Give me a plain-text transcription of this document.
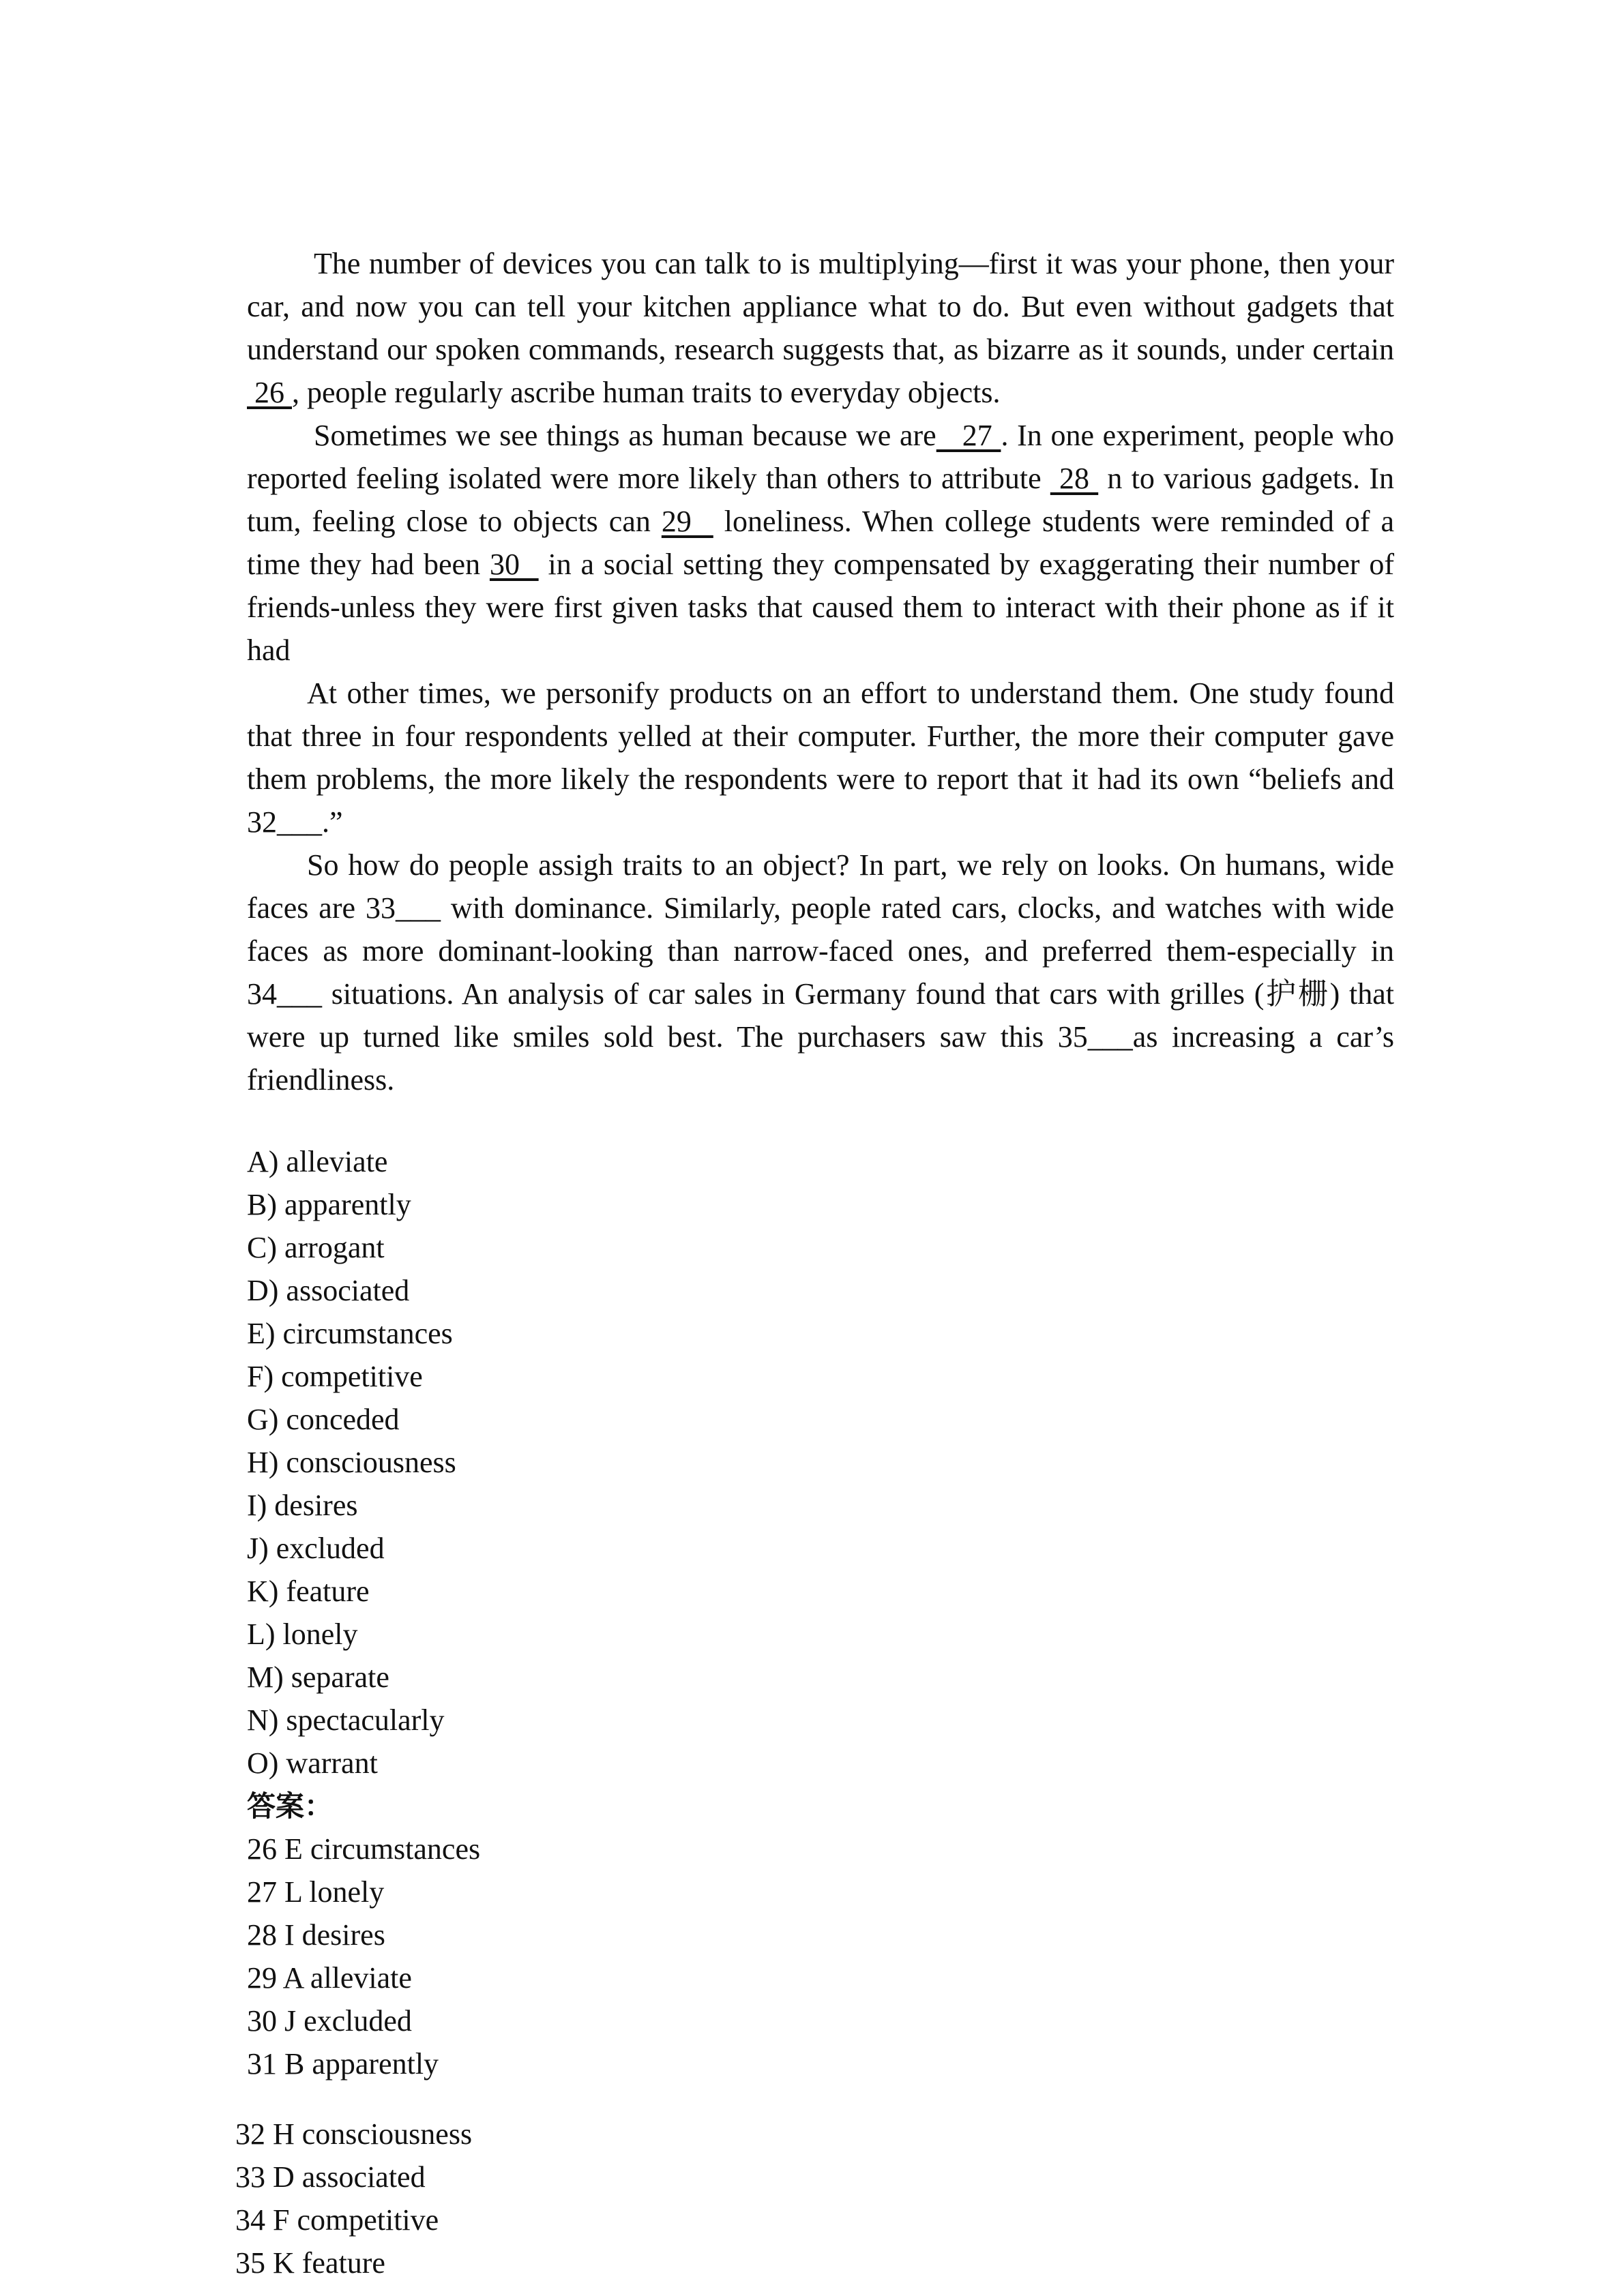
The number of devices you can talk to is multiplying—first it was your phone, then your car, and now you can tell your kitchen appliance what to do. But even without gadgets that understand our spoken commands, research suggests that, as bizarre as it sounds, under certain  26 , people regularly ascribe human traits to everyday objects.

Sometimes we see things as human because we are   27 . In one experiment, people who reported feeling isolated were more likely than others to attribute  28  n to various gadgets. In tum, feeling close to objects can 29   loneliness. When college students were reminded of a time they had been 30   in a social setting they compensated by exaggerating their number of friends-unless they were first given tasks that caused them to interact with their phone as if it had

At other times, we personify products on an effort to understand them. One study found that three in four respondents yelled at their computer. Further, the more their computer gave them problems, the more likely the respondents were to report that it had its own “beliefs and 32___.”

So how do people assigh traits to an object? In part, we rely on looks. On humans, wide faces are 33___ with dominance. Similarly, people rated cars, clocks, and watches with wide faces as more dominant-looking than narrow-faced ones, and preferred them-especially in 34___ situations. An analysis of car sales in Germany found that cars with grilles (护栅) that were up turned like smiles sold best. The purchasers saw this 35___as increasing a car’s friendliness.

A) alleviate
B) apparently
C) arrogant
D) associated
E) circumstances
F) competitive
G) conceded
H) consciousness
I) desires
J) excluded
K) feature
L) lonely
M) separate
N) spectacularly
O) warrant
答案：
26 E circumstances
27 L lonely
28 I desires
29 A alleviate
30 J excluded
31 B apparently
32 H consciousness
33 D associated
34 F competitive
35 K feature
